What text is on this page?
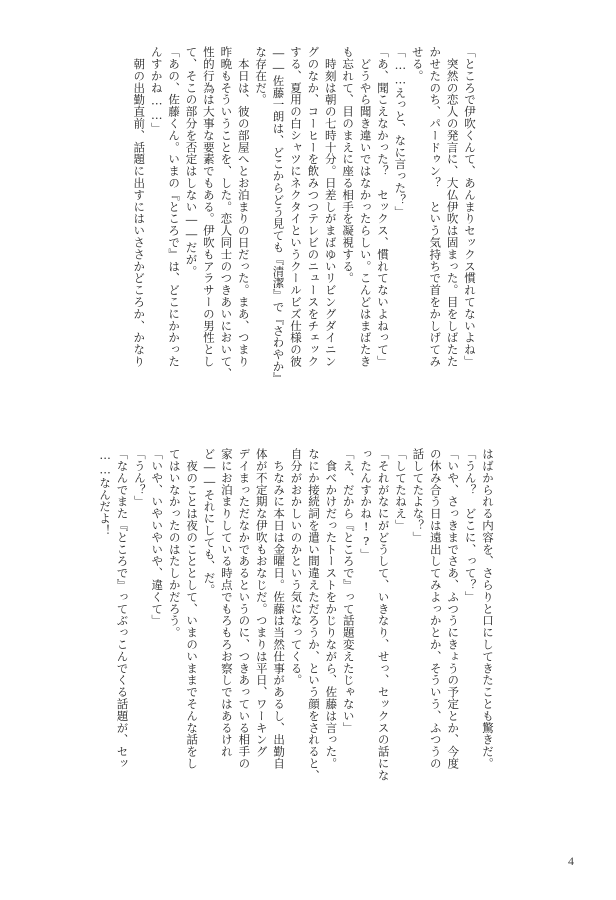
「ところで伊吹くんて、あんまりセックス慣れてないよね」
　突然の恋人の発言に、大仏伊吹は固まった。目をしばたた
かせたのち、パードゥン？　という気持ちで首をかしげてみ
せる。
「……えっと、なに言った？」
「あ、聞こえなかった？　セックス、慣れてないよねって」
　どうやら聞き違いではなかったらしい。こんどはまばたき
も忘れて、目のまえに座る相手を凝視する。
　時刻は朝の七時十分。日差しがまばゆいリビングダイニン
グのなか、コーヒーを飲みつつテレビのニュースをチェック
する、夏用の白シャツにネクタイというクールビズ仕様の彼
――佐藤一朗は、どこからどう見ても『清潔』で『さわやか』
な存在だ。
　本日は、彼の部屋へとお泊まりの日だった。まあ、つまり
昨晩もそういうことを、した。恋人同士のつきあいにおいて、
性的行為は大事な要素でもある。伊吹もアラサーの男性とし
て、そこの部分を否定はしない――だが。
「あの、佐藤くん。いまの『ところで』は、どこにかかった
んすかね……」
　朝の出勤直前、話題に出すにはいささかどころか、かなり
はばかられる内容を、さらりと口にしてきたことも驚きだ。
「うん？　どこに、って？」
「いや、さっきまでさあ、ふつうにきょうの予定とか、今度
の休み合う日は遠出してみよっかとか、そういう、ふつうの
話してたよな？」
「してたねえ」
「それがなにがどうして、いきなり、せっ、セックスの話にな
ったんすかね!?」
「え、だから『ところで』って話題変えたじゃない」
　食べかけだったトーストをかじりながら、佐藤は言った。
なにか接続詞を遣い間違えただろうか、という顔をされると、
自分がおかしいのかという気になってくる。
　ちなみに本日は金曜日。佐藤は当然仕事があるし、出勤自
体が不定期な伊吹もおなじだ。つまりは平日、ワーキング
デイまっただなかであるというのに、つきあっている相手の
家にお泊まりしている時点でもろもろお察しではあるけれ
ど――それにしても、だ。
　夜のことは夜のこととして、いまのいままでそんな話をし
てはいなかったのはたしかだろう。
「いや、いやいやいや、違くて」
「うん？」
「なんでまた『ところで』ってぶっこんでくる話題が、セッ
……なんだよ！
4
